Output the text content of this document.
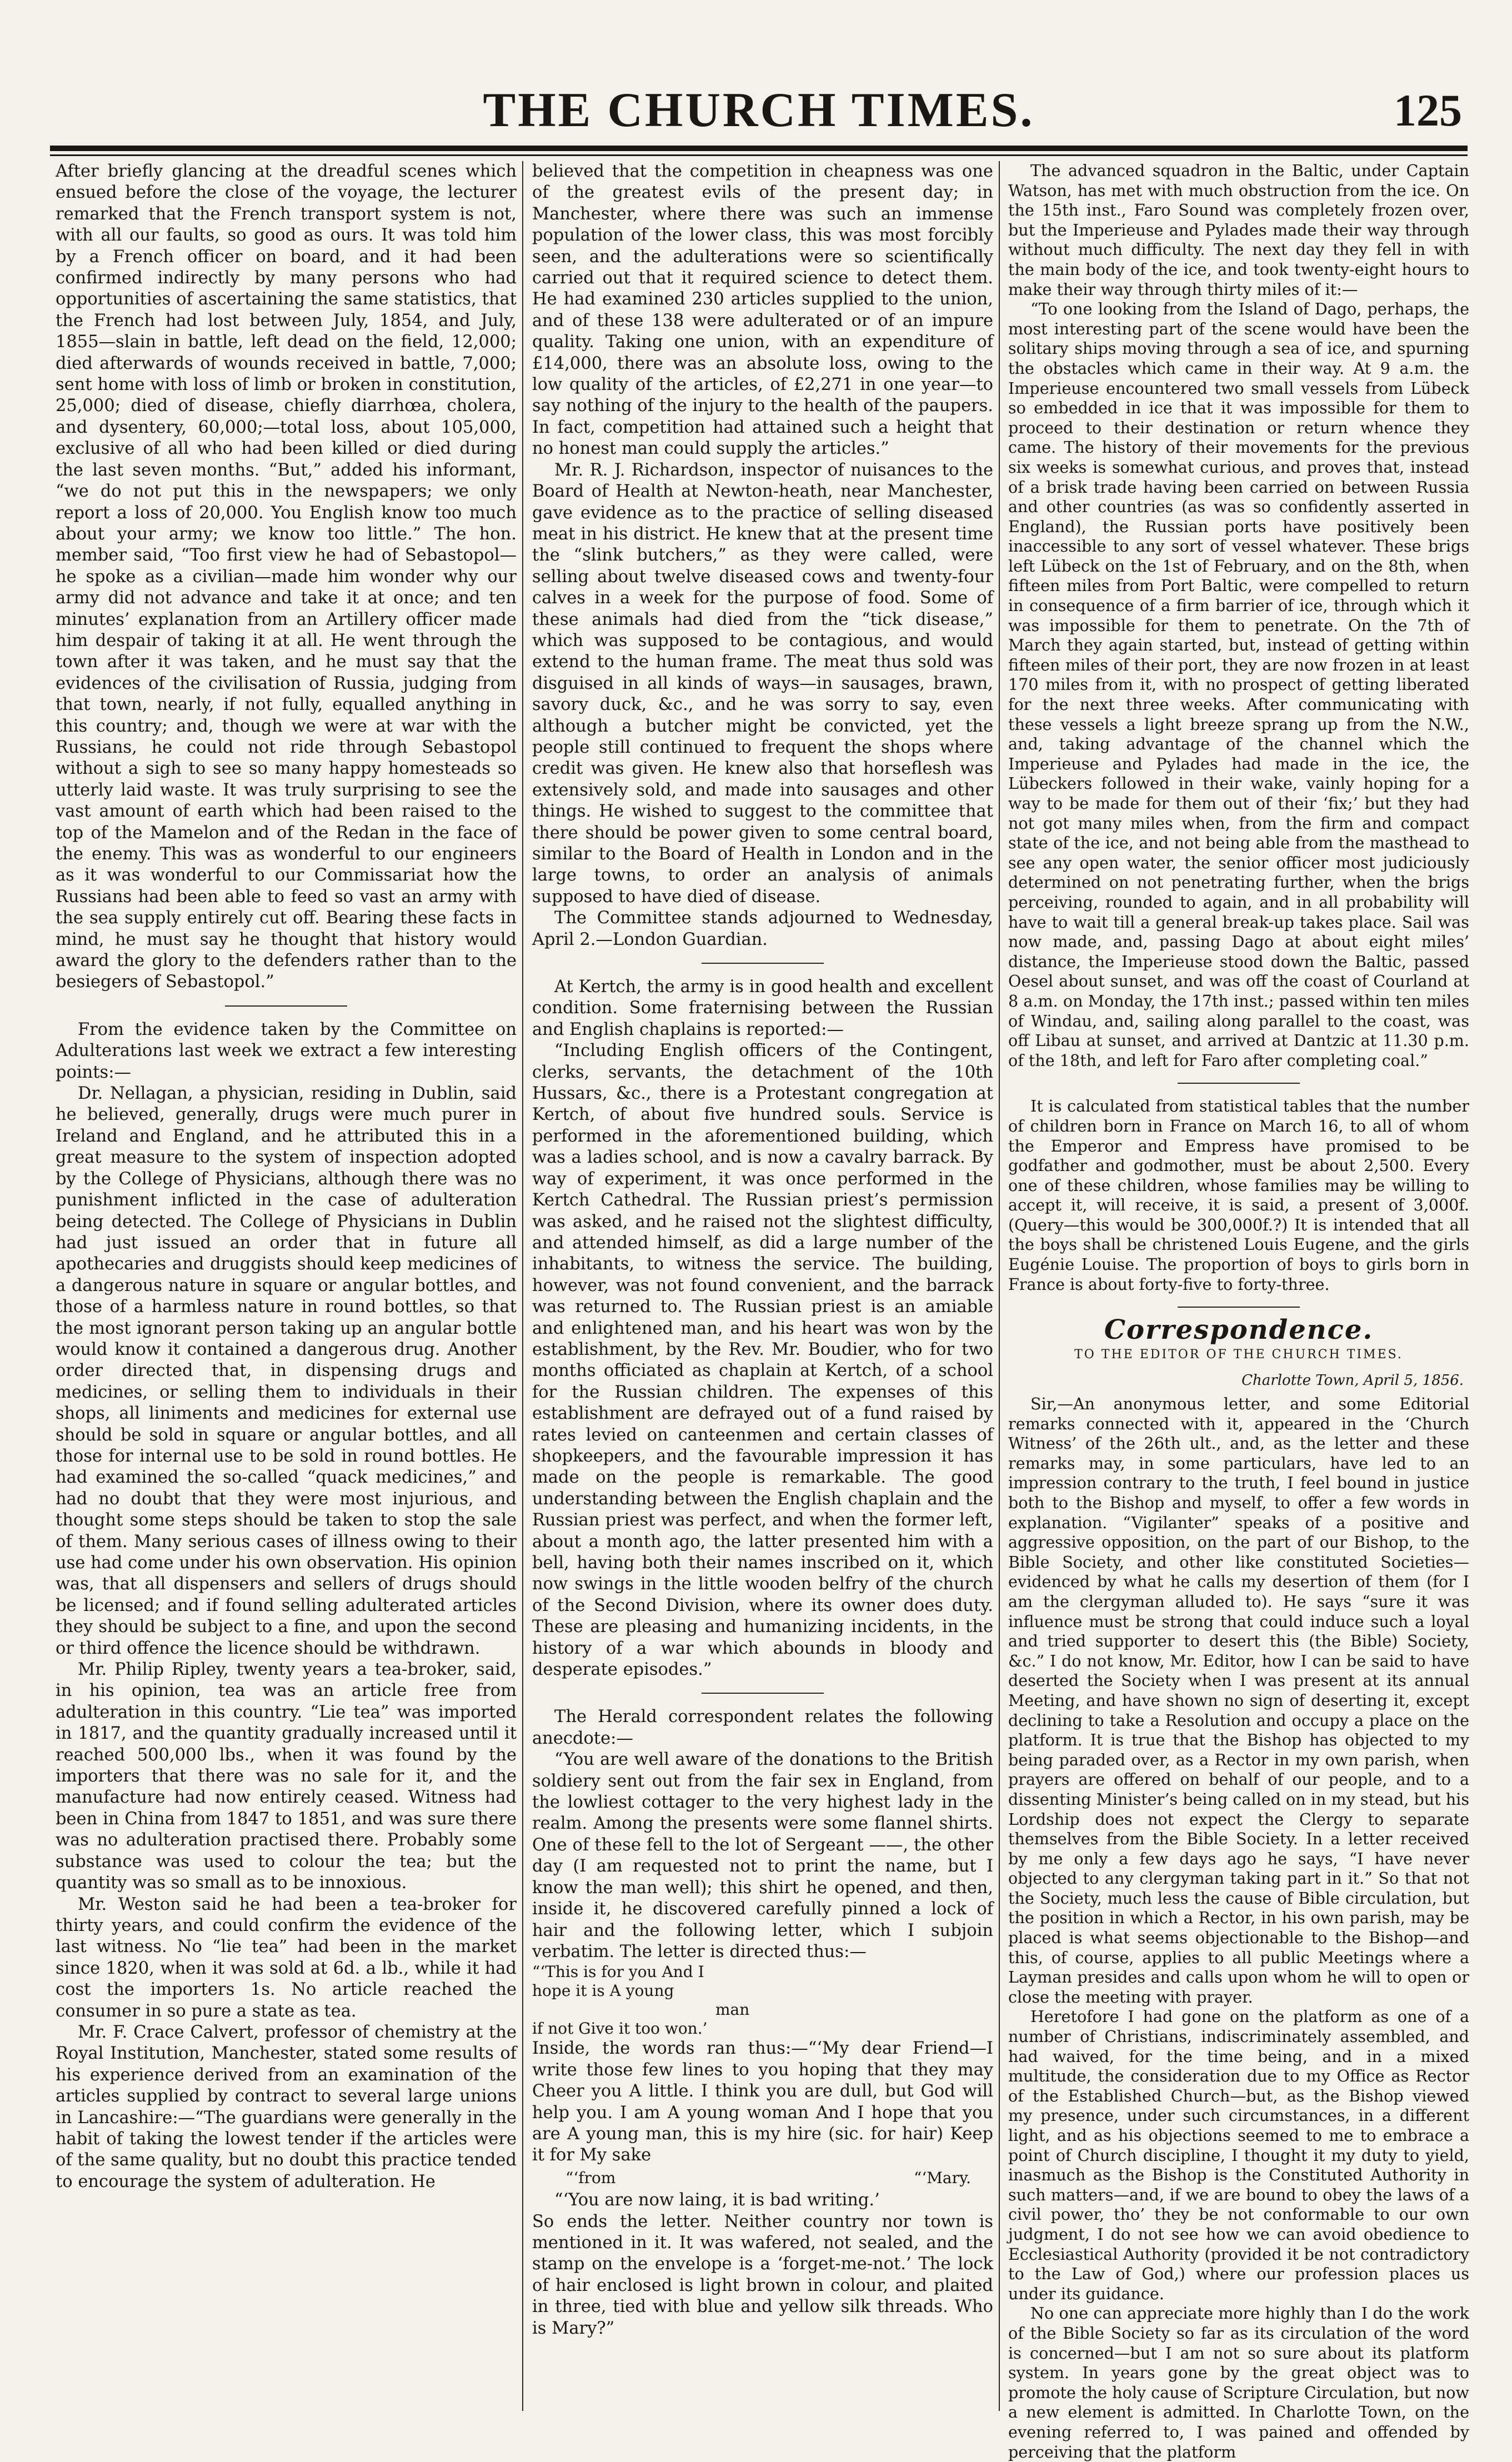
THE CHURCH TIMES.	125

After briefly glancing at the dreadful scenes which ensued before the close of the voyage, the lecturer remarked that the French transport system is not, with all our faults, so good as ours. It was told him by a French officer on board, and it had been confirmed indirectly by many persons who had opportunities of ascertaining the same statistics, that the French had lost between July, 1854, and July, 1855—slain in battle, left dead on the field, 12,000; died afterwards of wounds received in battle, 7,000; sent home with loss of limb or broken in constitution, 25,000; died of disease, chiefly diarrhœa, cholera, and dysentery, 60,000;—total loss, about 105,000, exclusive of all who had been killed or died during the last seven months. “But,” added his informant, “we do not put this in the newspapers; we only report a loss of 20,000. You English know too much about your army; we know too little.” The hon. member said, “Too first view he had of Sebastopol—he spoke as a civilian—made him wonder why our army did not advance and take it at once; and ten minutes’ explanation from an Artillery officer made him despair of taking it at all. He went through the town after it was taken, and he must say that the evidences of the civilisation of Russia, judging from that town, nearly, if not fully, equalled anything in this country; and, though we were at war with the Russians, he could not ride through Sebastopol without a sigh to see so many happy homesteads so utterly laid waste. It was truly surprising to see the vast amount of earth which had been raised to the top of the Mamelon and of the Redan in the face of the enemy. This was as wonderful to our engineers as it was wonderful to our Commissariat how the Russians had been able to feed so vast an army with the sea supply entirely cut off. Bearing these facts in mind, he must say he thought that history would award the glory to the defenders rather than to the besiegers of Sebastopol.”

From the evidence taken by the Committee on Adulterations last week we extract a few interesting points:—

Dr. Nellagan, a physician, residing in Dublin, said he believed, generally, drugs were much purer in Ireland and England, and he attributed this in a great measure to the system of inspection adopted by the College of Physicians, although there was no punishment inflicted in the case of adulteration being detected. The College of Physicians in Dublin had just issued an order that in future all apothecaries and druggists should keep medicines of a dangerous nature in square or angular bottles, and those of a harmless nature in round bottles, so that the most ignorant person taking up an angular bottle would know it contained a dangerous drug. Another order directed that, in dispensing drugs and medicines, or selling them to individuals in their shops, all liniments and medicines for external use should be sold in square or angular bottles, and all those for internal use to be sold in round bottles. He had examined the so-called “quack medicines,” and had no doubt that they were most injurious, and thought some steps should be taken to stop the sale of them. Many serious cases of illness owing to their use had come under his own observation. His opinion was, that all dispensers and sellers of drugs should be licensed; and if found selling adulterated articles they should be subject to a fine, and upon the second or third offence the licence should be withdrawn.

Mr. Philip Ripley, twenty years a tea-broker, said, in his opinion, tea was an article free from adulteration in this country. “Lie tea” was imported in 1817, and the quantity gradually increased until it reached 500,000 lbs., when it was found by the importers that there was no sale for it, and the manufacture had now entirely ceased. Witness had been in China from 1847 to 1851, and was sure there was no adulteration practised there. Probably some substance was used to colour the tea; but the quantity was so small as to be innoxious.

Mr. Weston said he had been a tea-broker for thirty years, and could confirm the evidence of the last witness. No “lie tea” had been in the market since 1820, when it was sold at 6d. a lb., while it had cost the importers 1s. No article reached the consumer in so pure a state as tea.

Mr. F. Crace Calvert, professor of chemistry at the Royal Institution, Manchester, stated some results of his experience derived from an examination of the articles supplied by contract to several large unions in Lancashire:—“The guardians were generally in the habit of taking the lowest tender if the articles were of the same quality, but no doubt this practice tended to encourage the system of adulteration. He

believed that the competition in cheapness was one of the greatest evils of the present day; in Manchester, where there was such an immense population of the lower class, this was most forcibly seen, and the adulterations were so scientifically carried out that it required science to detect them. He had examined 230 articles supplied to the union, and of these 138 were adulterated or of an impure quality. Taking one union, with an expenditure of £14,000, there was an absolute loss, owing to the low quality of the articles, of £2,271 in one year—to say nothing of the injury to the health of the paupers. In fact, competition had attained such a height that no honest man could supply the articles.”

Mr. R. J. Richardson, inspector of nuisances to the Board of Health at Newton-heath, near Manchester, gave evidence as to the practice of selling diseased meat in his district. He knew that at the present time the “slink butchers,” as they were called, were selling about twelve diseased cows and twenty-four calves in a week for the purpose of food. Some of these animals had died from the “tick disease,” which was supposed to be contagious, and would extend to the human frame. The meat thus sold was disguised in all kinds of ways—in sausages, brawn, savory duck, &c., and he was sorry to say, even although a butcher might be convicted, yet the people still continued to frequent the shops where credit was given. He knew also that horseflesh was extensively sold, and made into sausages and other things. He wished to suggest to the committee that there should be power given to some central board, similar to the Board of Health in London and in the large towns, to order an analysis of animals supposed to have died of disease.

The Committee stands adjourned to Wednesday, April 2.—London Guardian.

At Kertch, the army is in good health and excellent condition. Some fraternising between the Russian and English chaplains is reported:—

“Including English officers of the Contingent, clerks, servants, the detachment of the 10th Hussars, &c., there is a Protestant congregation at Kertch, of about five hundred souls. Service is performed in the aforementioned building, which was a ladies school, and is now a cavalry barrack. By way of experiment, it was once performed in the Kertch Cathedral. The Russian priest’s permission was asked, and he raised not the slightest difficulty, and attended himself, as did a large number of the inhabitants, to witness the service. The building, however, was not found convenient, and the barrack was returned to. The Russian priest is an amiable and enlightened man, and his heart was won by the establishment, by the Rev. Mr. Boudier, who for two months officiated as chaplain at Kertch, of a school for the Russian children. The expenses of this establishment are defrayed out of a fund raised by rates levied on canteenmen and certain classes of shopkeepers, and the favourable impression it has made on the people is remarkable. The good understanding between the English chaplain and the Russian priest was perfect, and when the former left, about a month ago, the latter presented him with a bell, having both their names inscribed on it, which now swings in the little wooden belfry of the church of the Second Division, where its owner does duty. These are pleasing and humanizing incidents, in the history of a war which abounds in bloody and desperate episodes.”

The Herald correspondent relates the following anecdote:—

“You are well aware of the donations to the British soldiery sent out from the fair sex in England, from the lowliest cottager to the very highest lady in the realm. Among the presents were some flannel shirts. One of these fell to the lot of Sergeant ——, the other day (I am requested not to print the name, but I know the man well); this shirt he opened, and then, inside it, he discovered carefully pinned a lock of hair and the following letter, which I subjoin verbatim. The letter is directed thus:—

“‘This is for you And I

hope it is A young

man

if not Give it too won.’

Inside, the words ran thus:—“‘My dear Friend—I write those few lines to you hoping that they may Cheer you A little. I think you are dull, but God will help you. I am A young woman And I hope that you are A young man, this is my hire (sic. for hair) Keep it for My sake

“‘from	“‘Mary.

“‘You are now laing, it is bad writing.’

So ends the letter. Neither country nor town is mentioned in it. It was wafered, not sealed, and the stamp on the envelope is a ‘forget-me-not.’ The lock of hair enclosed is light brown in colour, and plaited in three, tied with blue and yellow silk threads. Who is Mary?”

The advanced squadron in the Baltic, under Captain Watson, has met with much obstruction from the ice. On the 15th inst., Faro Sound was completely frozen over, but the Imperieuse and Pylades made their way through without much difficulty. The next day they fell in with the main body of the ice, and took twenty-eight hours to make their way through thirty miles of it:—

“To one looking from the Island of Dago, perhaps, the most interesting part of the scene would have been the solitary ships moving through a sea of ice, and spurning the obstacles which came in their way. At 9 a.m. the Imperieuse encountered two small vessels from Lübeck so embedded in ice that it was impossible for them to proceed to their destination or return whence they came. The history of their movements for the previous six weeks is somewhat curious, and proves that, instead of a brisk trade having been carried on between Russia and other countries (as was so confidently asserted in England), the Russian ports have positively been inaccessible to any sort of vessel whatever. These brigs left Lübeck on the 1st of February, and on the 8th, when fifteen miles from Port Baltic, were compelled to return in consequence of a firm barrier of ice, through which it was impossible for them to penetrate. On the 7th of March they again started, but, instead of getting within fifteen miles of their port, they are now frozen in at least 170 miles from it, with no prospect of getting liberated for the next three weeks. After communicating with these vessels a light breeze sprang up from the N.W., and, taking advantage of the channel which the Imperieuse and Pylades had made in the ice, the Lübeckers followed in their wake, vainly hoping for a way to be made for them out of their ‘fix;’ but they had not got many miles when, from the firm and compact state of the ice, and not being able from the masthead to see any open water, the senior officer most judiciously determined on not penetrating further, when the brigs perceiving, rounded to again, and in all probability will have to wait till a general break-up takes place. Sail was now made, and, passing Dago at about eight miles’ distance, the Imperieuse stood down the Baltic, passed Oesel about sunset, and was off the coast of Courland at 8 a.m. on Monday, the 17th inst.; passed within ten miles of Windau, and, sailing along parallel to the coast, was off Libau at sunset, and arrived at Dantzic at 11.30 p.m. of the 18th, and left for Faro after completing coal.”

It is calculated from statistical tables that the number of children born in France on March 16, to all of whom the Emperor and Empress have promised to be godfather and godmother, must be about 2,500. Every one of these children, whose families may be willing to accept it, will receive, it is said, a present of 3,000f. (Query—this would be 300,000f.?) It is intended that all the boys shall be christened Louis Eugene, and the girls Eugénie Louise. The proportion of boys to girls born in France is about forty-five to forty-three.

Correspondence.
TO THE EDITOR OF THE CHURCH TIMES.
Charlotte Town, April 5, 1856.

Sir,—An anonymous letter, and some Editorial remarks connected with it, appeared in the ‘Church Witness’ of the 26th ult., and, as the letter and these remarks may, in some particulars, have led to an impression contrary to the truth, I feel bound in justice both to the Bishop and myself, to offer a few words in explanation. “Vigilanter” speaks of a positive and aggressive opposition, on the part of our Bishop, to the Bible Society, and other like constituted Societies—evidenced by what he calls my desertion of them (for I am the clergyman alluded to). He says “sure it was influence must be strong that could induce such a loyal and tried supporter to desert this (the Bible) Society, &c.” I do not know, Mr. Editor, how I can be said to have deserted the Society when I was present at its annual Meeting, and have shown no sign of deserting it, except declining to take a Resolution and occupy a place on the platform. It is true that the Bishop has objected to my being paraded over, as a Rector in my own parish, when prayers are offered on behalf of our people, and to a dissenting Minister’s being called on in my stead, but his Lordship does not expect the Clergy to separate themselves from the Bible Society. In a letter received by me only a few days ago he says, “I have never objected to any clergyman taking part in it.” So that not the Society, much less the cause of Bible circulation, but the position in which a Rector, in his own parish, may be placed is what seems objectionable to the Bishop—and this, of course, applies to all public Meetings where a Layman presides and calls upon whom he will to open or close the meeting with prayer.

Heretofore I had gone on the platform as one of a number of Christians, indiscriminately assembled, and had waived, for the time being, and in a mixed multitude, the consideration due to my Office as Rector of the Established Church—but, as the Bishop viewed my presence, under such circumstances, in a different light, and as his objections seemed to me to embrace a point of Church discipline, I thought it my duty to yield, inasmuch as the Bishop is the Constituted Authority in such matters—and, if we are bound to obey the laws of a civil power, tho’ they be not conformable to our own judgment, I do not see how we can avoid obedience to Ecclesiastical Authority (provided it be not contradictory to the Law of God,) where our profession places us under its guidance.

No one can appreciate more highly than I do the work of the Bible Society so far as its circulation of the word is concerned—but I am not so sure about its platform system. In years gone by the great object was to promote the holy cause of Scripture Circulation, but now a new element is admitted. In Charlotte Town, on the evening referred to, I was pained and offended by perceiving that the platform
